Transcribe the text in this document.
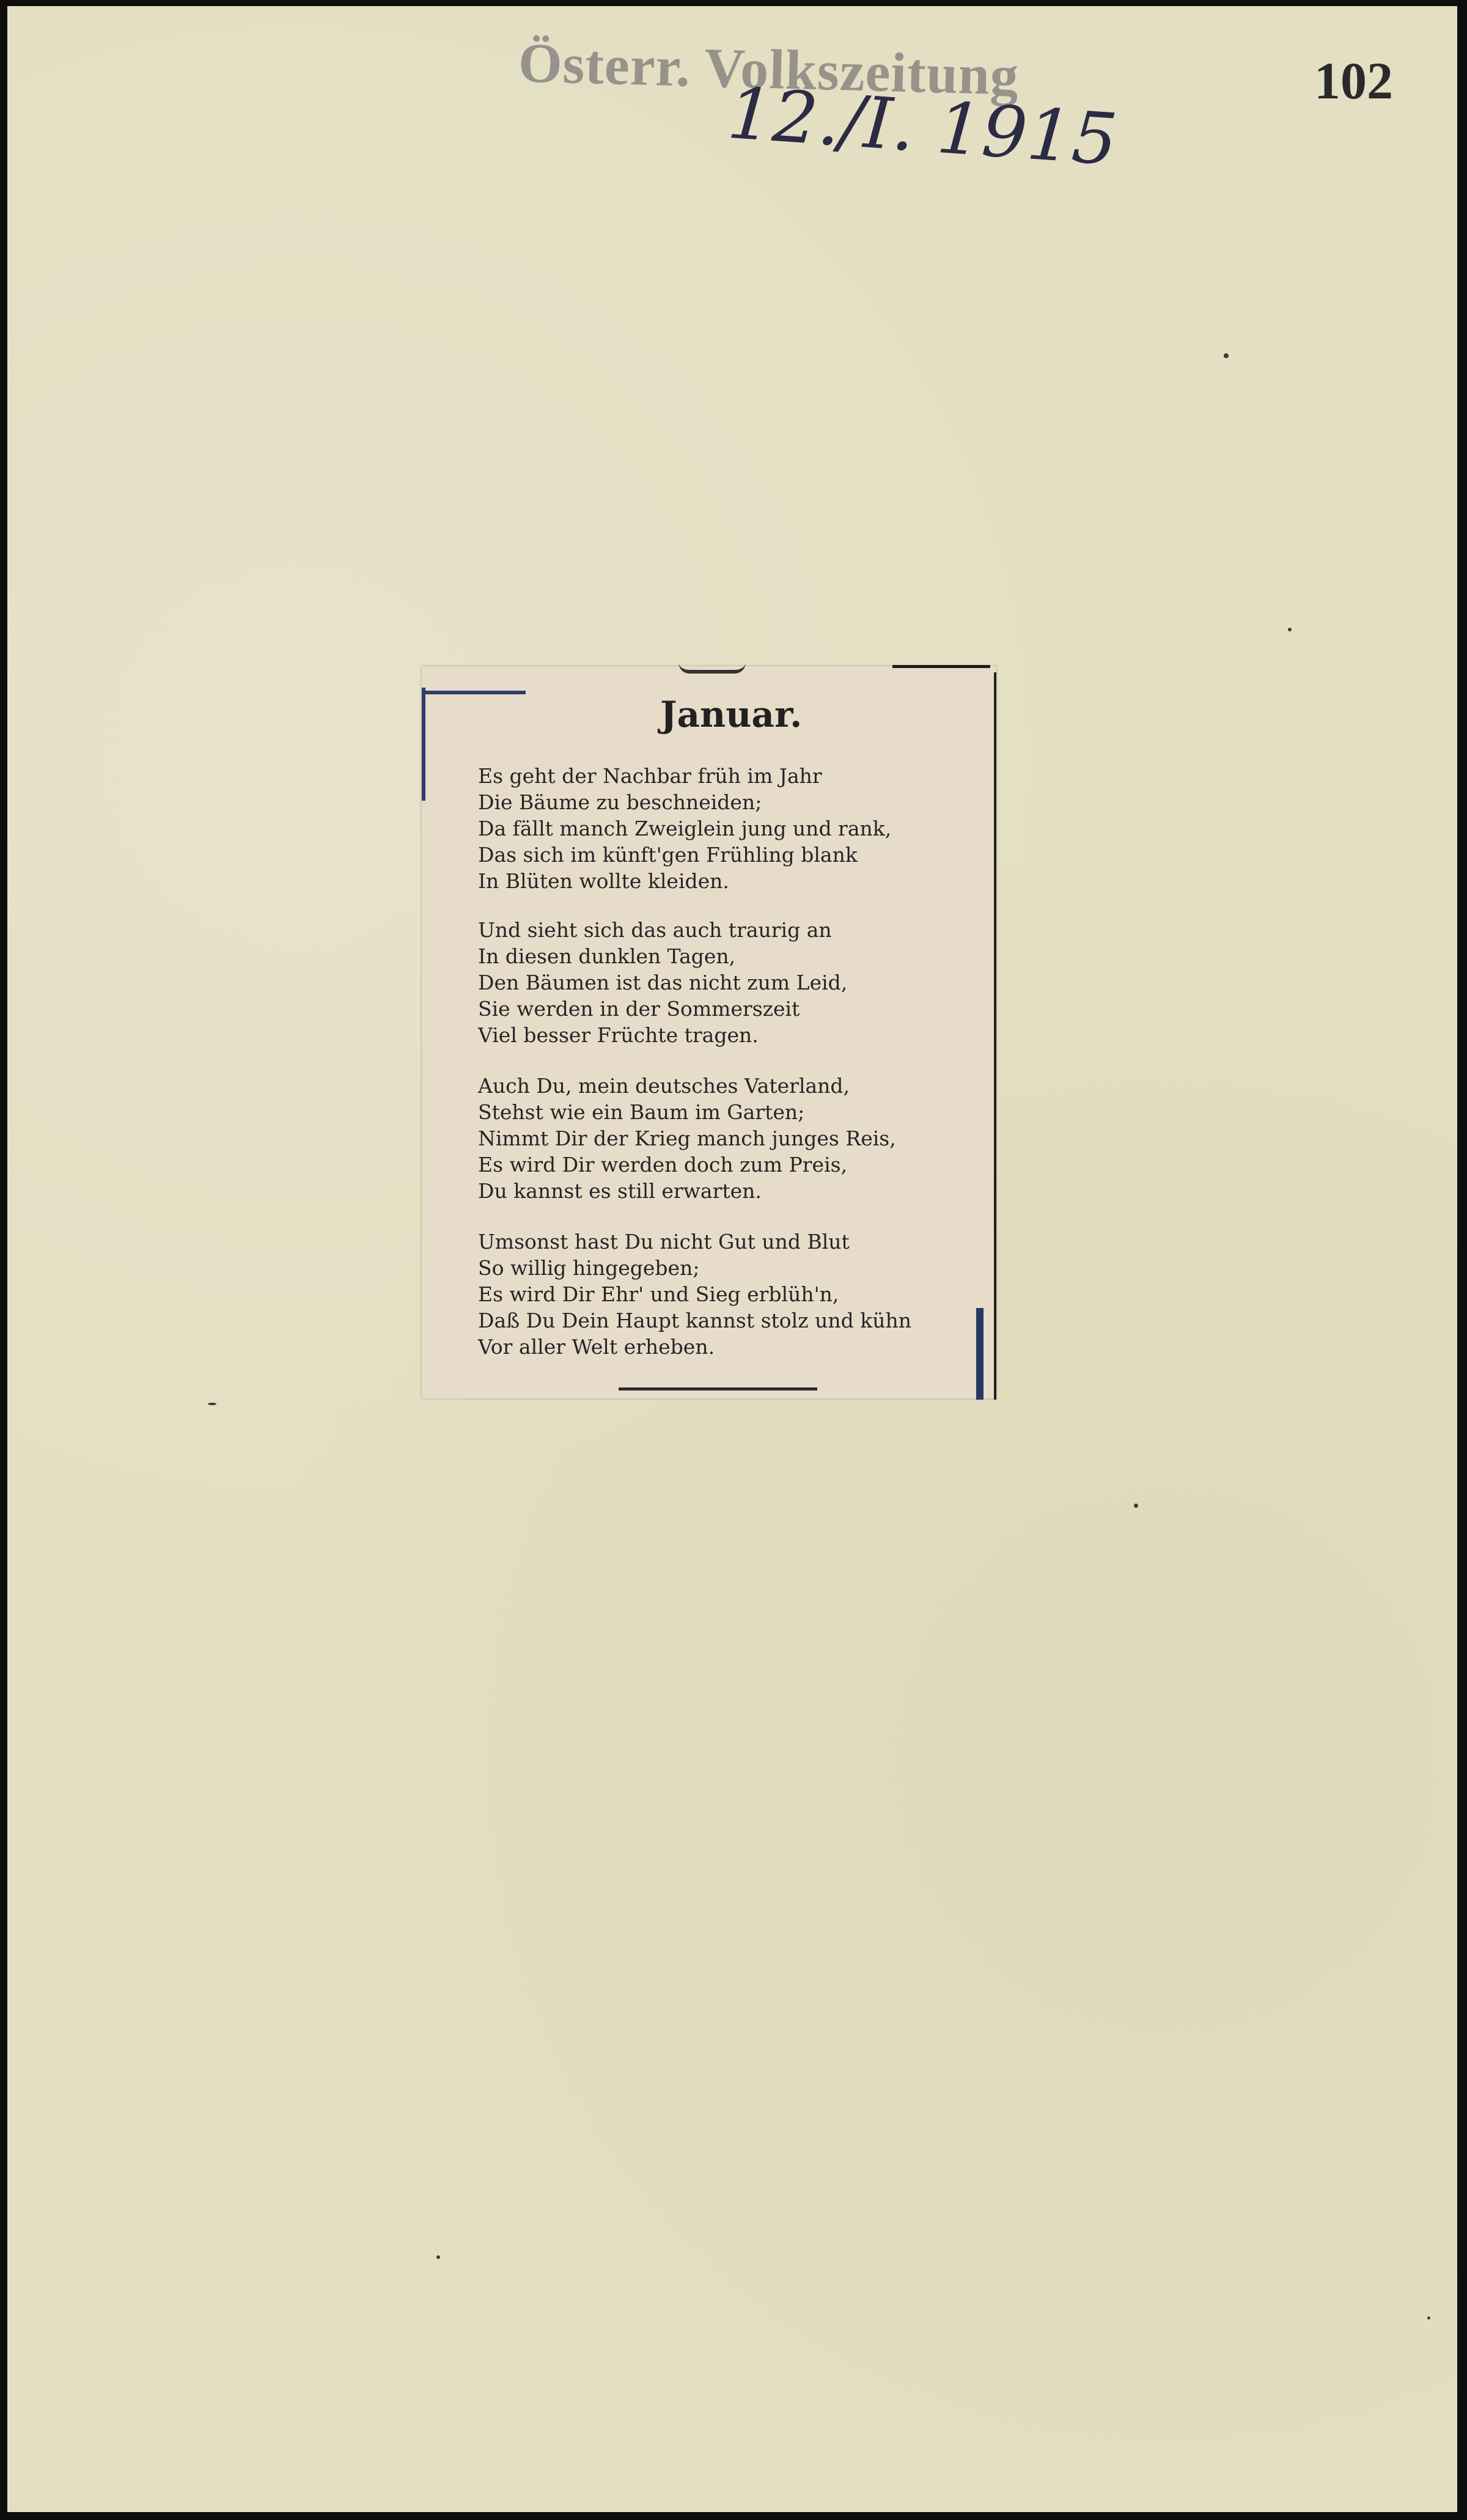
Österr. Volkszeitung
12./I. 1915	102
Januar.
Es geht der Nachbar früh im Jahr
Die Bäume zu beschneiden;
Da fällt manch Zweiglein jung und rank,
Das sich im künft'gen Frühling blank
In Blüten wollte kleiden.
Und sieht sich das auch traurig an
In diesen dunklen Tagen,
Den Bäumen ist das nicht zum Leid,
Sie werden in der Sommerszeit
Viel besser Früchte tragen.
Auch Du, mein deutsches Vaterland,
Stehst wie ein Baum im Garten;
Nimmt Dir der Krieg manch junges Reis,
Es wird Dir werden doch zum Preis,
Du kannst es still erwarten.
Umsonst hast Du nicht Gut und Blut
So willig hingegeben;
Es wird Dir Ehr' und Sieg erblüh'n,
Daß Du Dein Haupt kannst stolz und kühn
Vor aller Welt erheben.
